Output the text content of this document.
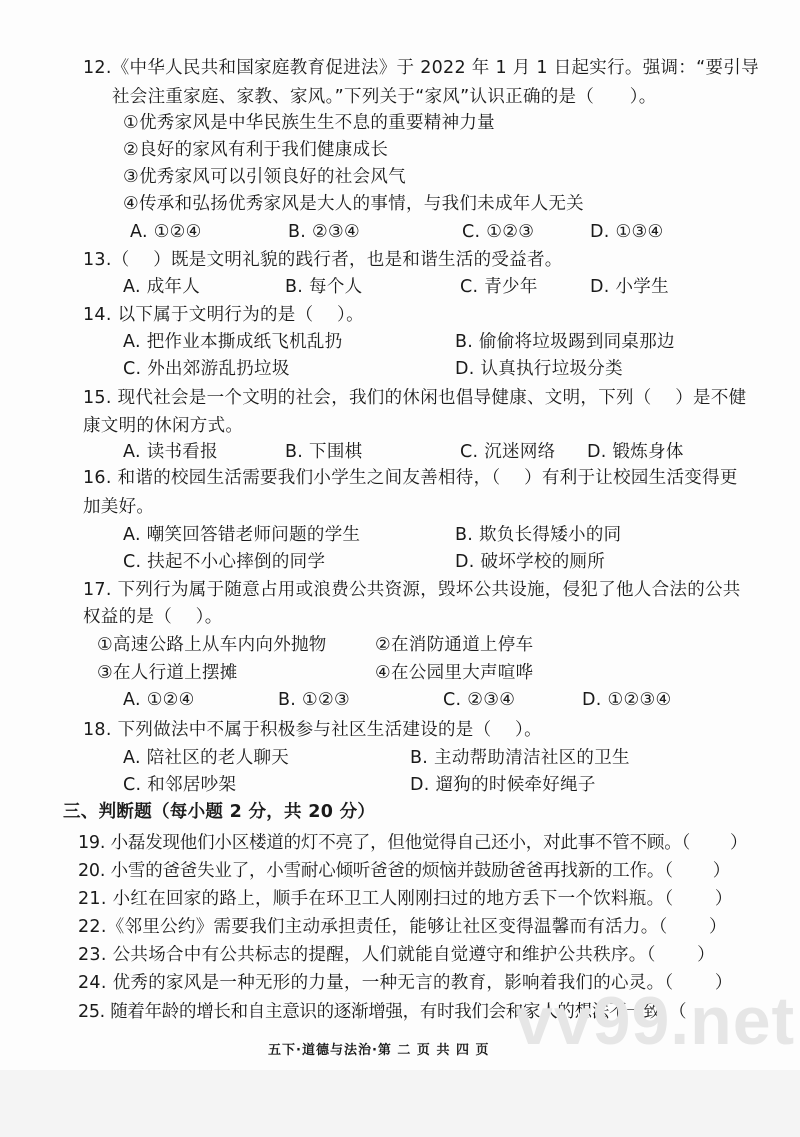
12.《中华人民共和国家庭教育促进法》于 2022 年 1 月 1 日起实行。强调：“要引导
社会注重家庭、家教、家风。”下列关于“家风”认识正确的是（　　）。
①优秀家风是中华民族生生不息的重要精神力量
②良好的家风有利于我们健康成长
③优秀家风可以引领良好的社会风气
④传承和弘扬优秀家风是大人的事情，与我们未成年人无关
A. ①②④	B. ②③④	C. ①②③	D. ①③④
13.（　 ）既是文明礼貌的践行者，也是和谐生活的受益者。
A. 成年人	B. 每个人	C. 青少年	D. 小学生
14. 以下属于文明行为的是（　 ）。
A. 把作业本撕成纸飞机乱扔	B. 偷偷将垃圾踢到同桌那边
C. 外出郊游乱扔垃圾	D. 认真执行垃圾分类
15. 现代社会是一个文明的社会，我们的休闲也倡导健康、文明，下列（　 ）是不健
康文明的休闲方式。
A. 读书看报	B. 下围棋	C. 沉迷网络 D. 锻炼身体
16. 和谐的校园生活需要我们小学生之间友善相待，（　 ）有利于让校园生活变得更
加美好。
A. 嘲笑回答错老师问题的学生	B. 欺负长得矮小的同
C. 扶起不小心摔倒的同学	D. 破坏学校的厕所
17. 下列行为属于随意占用或浪费公共资源，毁坏公共设施，侵犯了他人合法的公共
权益的是（　 ）。
①高速公路上从车内向外抛物	②在消防通道上停车
③在人行道上摆摊	④在公园里大声喧哗
A. ①②④	B. ①②③	C. ②③④	D. ①②③④
18. 下列做法中不属于积极参与社区生活建设的是（　 ）。
A. 陪社区的老人聊天	B. 主动帮助清洁社区的卫生
C. 和邻居吵架	D. 遛狗的时候牵好绳子
三、判断题（每小题 2 分，共 20 分）
19. 小磊发现他们小区楼道的灯不亮了，但他觉得自己还小，对此事不管不顾。（　　 ）
20. 小雪的爸爸失业了，小雪耐心倾听爸爸的烦恼并鼓励爸爸再找新的工作。（　　 ）
21. 小红在回家的路上，顺手在环卫工人刚刚扫过的地方丢下一个饮料瓶。（　　 ）
22.《邻里公约》需要我们主动承担责任，能够让社区变得温馨而有活力。（　　 ）
23. 公共场合中有公共标志的提醒，人们就能自觉遵守和维护公共秩序。（　　 ）
24. 优秀的家风是一种无形的力量，一种无言的教育，影响着我们的心灵。（　　 ）
25. 随着年龄的增长和自主意识的逐渐增强，有时我们会和家人的想法不一致。（
vv99.net
五下·道德与法治·第 二 页 共 四 页
